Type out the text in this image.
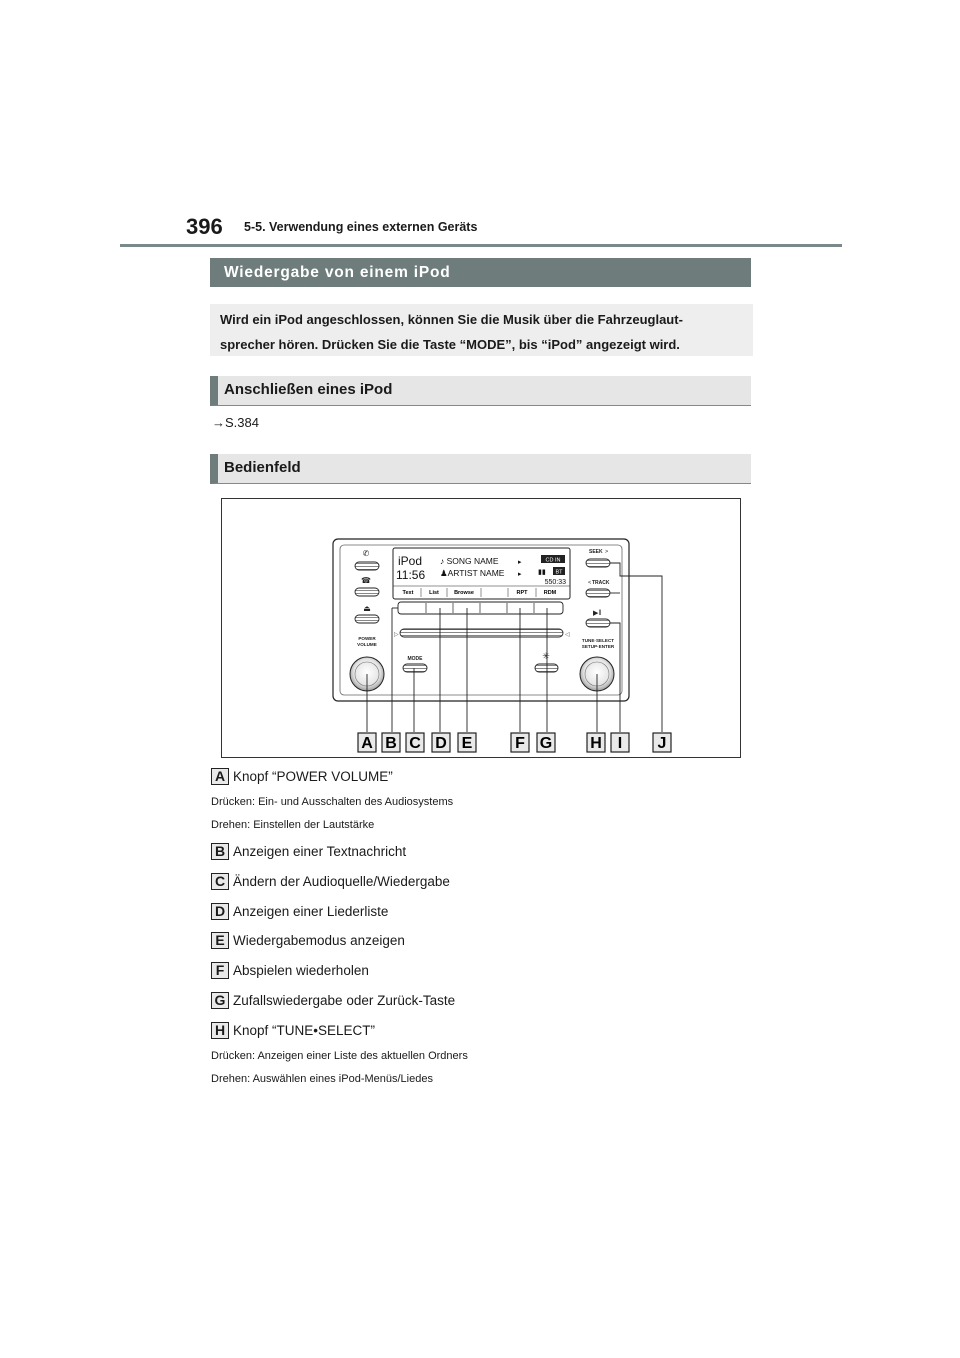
396 5-5. Verwendung eines externen Geräts
Wiedergabe von einem iPod
Wird ein iPod angeschlossen, können Sie die Musik über die Fahrzeuglaut-
sprecher hören. Drücken Sie die Taste “MODE”, bis “iPod” angezeigt wird.
Anschließen eines iPod
→S.384
Bedienfeld
✆
☎
⏏
POWER
VOLUME
iPod
11:56
♪ SONG NAME
♟ARTIST NAME
▸
▸
CD IN
▮▮ BT
550:33
Text	List	Browse	RPT	RDM
▷	◁
MODE	✳
SEEK >
< TRACK
▶‖
TUNE·SELECT
SETUP·ENTER
A B C D E	F G H I J
A Knopf “POWER VOLUME”
Drücken: Ein- und Ausschalten des Audiosystems
Drehen: Einstellen der Lautstärke
B Anzeigen einer Textnachricht
C Ändern der Audioquelle/Wiedergabe
D Anzeigen einer Liederliste
E Wiedergabemodus anzeigen
F Abspielen wiederholen
G Zufallswiedergabe oder Zurück-Taste
H Knopf “TUNE•SELECT”
Drücken: Anzeigen einer Liste des aktuellen Ordners
Drehen: Auswählen eines iPod-Menüs/Liedes
